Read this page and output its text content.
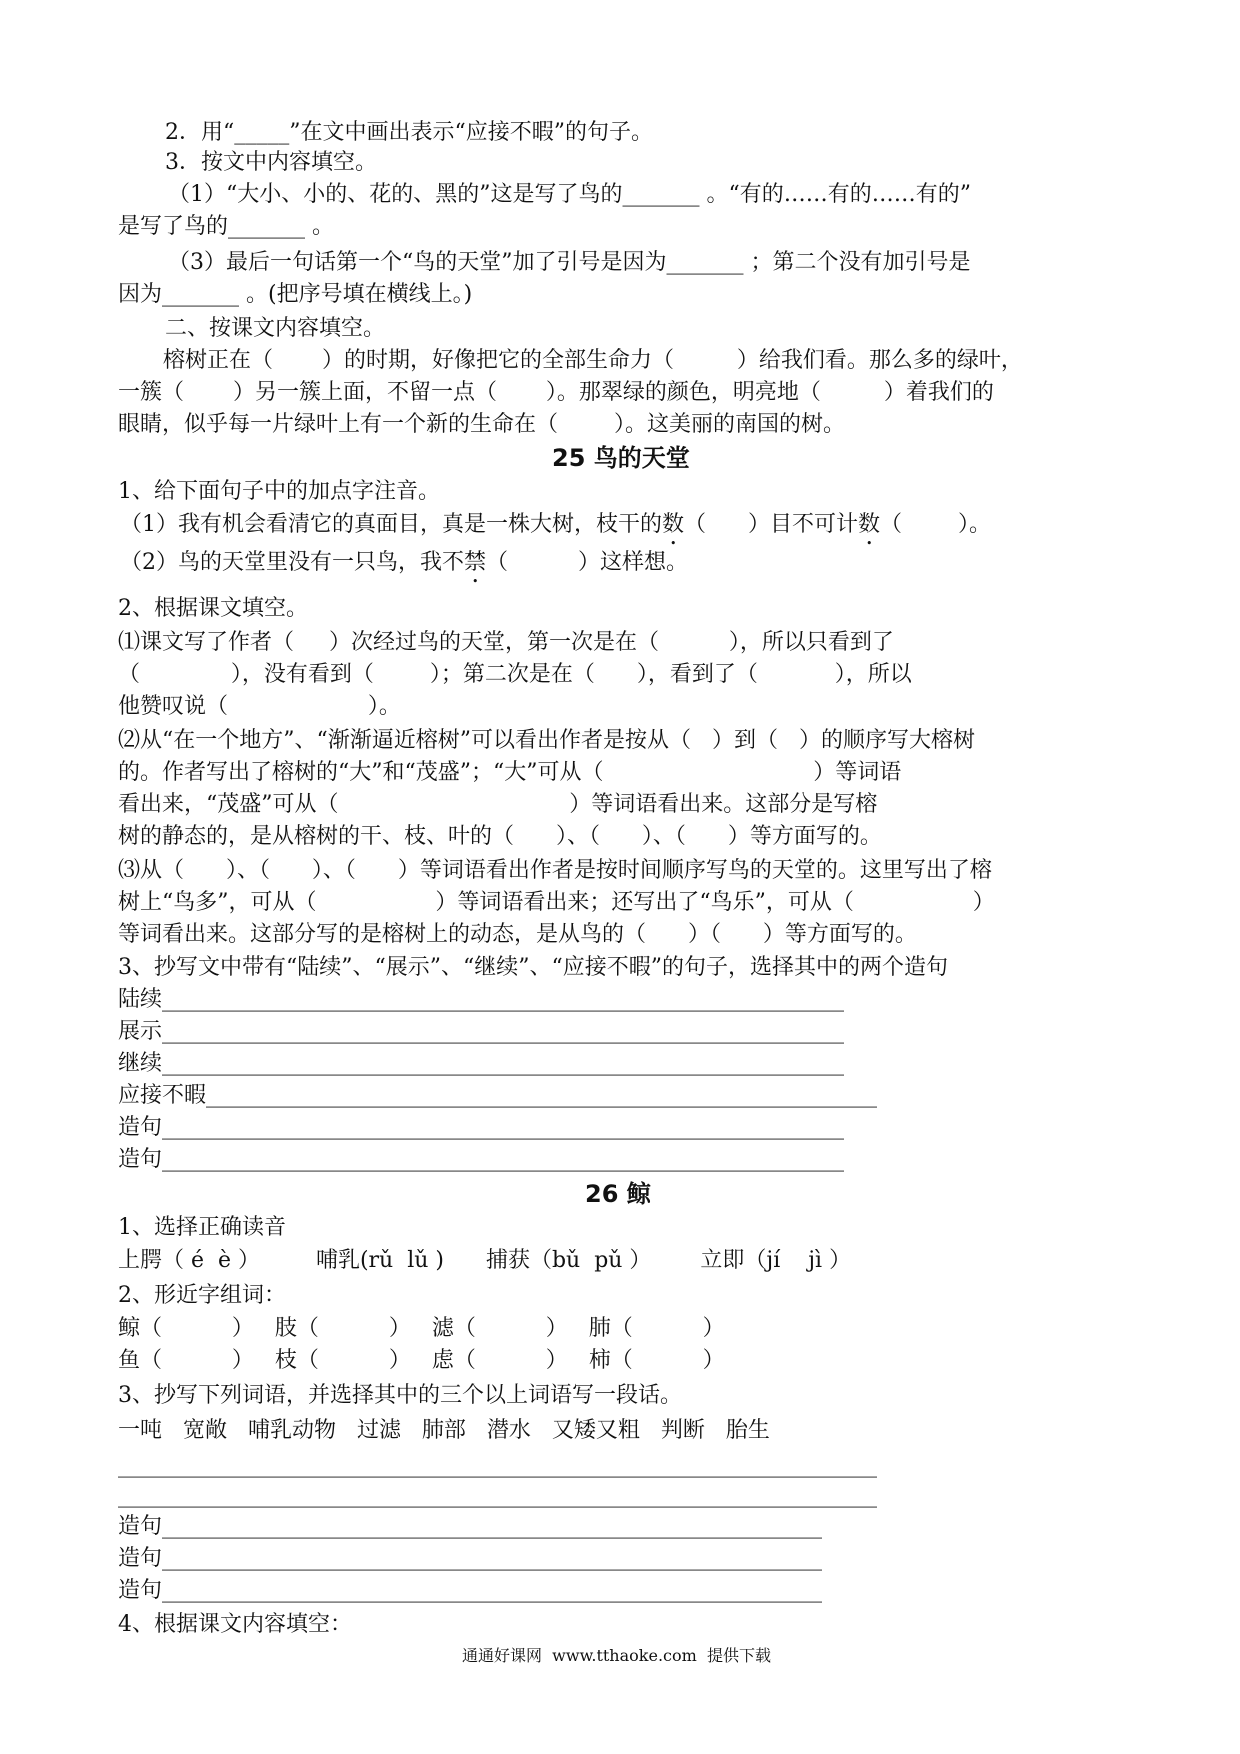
2．用“_____”在文中画出表示“应接不暇”的句子。
3．按文中内容填空。
（1）“大小、小的、花的、黑的”这是写了鸟的_______ 。“有的……有的……有的”
是写了鸟的_______ 。
（3）最后一句话第一个“鸟的天堂”加了引号是因为_______ ；第二个没有加引号是
因为_______ 。(把序号填在横线上。)
二、按课文内容填空。
榕树正在（       ）的时期，好像把它的全部生命力（         ）给我们看。那么多的绿叶，
一簇（       ）另一簇上面，不留一点（       ）。那翠绿的颜色，明亮地（         ）着我们的
眼睛，似乎每一片绿叶上有一个新的生命在（        ）。这美丽的南国的树。
25 鸟的天堂
1、给下面句子中的加点字注音。
（1）我有机会看清它的真面目，真是一株大树，枝干的数（      ）目不可计数（        ）。
（2）鸟的天堂里没有一只鸟，我不禁（          ）这样想。
2、根据课文填空。
⑴课文写了作者（     ）次经过鸟的天堂，第一次是在（          ），所以只看到了
（             ），没有看到（        ）；第二次是在（      ），看到了（           ），所以
他赞叹说（                    ）。
⑵从“在一个地方”、“渐渐逼近榕树”可以看出作者是按从（   ）到（   ）的顺序写大榕树
的。作者写出了榕树的“大”和“茂盛”；“大”可从（                              ）等词语
看出来，“茂盛”可从（                                 ）等词语看出来。这部分是写榕
树的静态的，是从榕树的干、枝、叶的（      ）、（      ）、（      ）等方面写的。
⑶从（      ）、（      ）、（      ）等词语看出作者是按时间顺序写鸟的天堂的。这里写出了榕
树上“鸟多”，可从（                 ）等词语看出来；还写出了“鸟乐”，可从（                 ）
等词看出来。这部分写的是榕树上的动态，是从鸟的（      ）（      ）等方面写的。
3、抄写文中带有“陆续”、“展示”、“继续”、“应接不暇”的句子，选择其中的两个造句
陆续______________________________________________________________
展示______________________________________________________________
继续______________________________________________________________
应接不暇_____________________________________________________________
造句______________________________________________________________
造句______________________________________________________________
26 鲸
1、选择正确读音
上腭（ é  è ）        哺乳(rǔ  lǔ )      捕获（bǔ  pǔ ）       立即（jí    jì ）
2、形近字组词：
鲸（          ）   肢（          ）   滤（          ）   肺（          ）
鱼（          ）   枝（          ）   虑（          ）   柿（          ）
3、抄写下列词语，并选择其中的三个以上词语写一段话。
一吨   宽敞   哺乳动物   过滤   肺部   潜水   又矮又粗   判断   胎生
_____________________________________________________________________
_____________________________________________________________________
造句____________________________________________________________
造句____________________________________________________________
造句____________________________________________________________
4、根据课文内容填空：
通通好课网  www.tthaoke.com  提供下载
